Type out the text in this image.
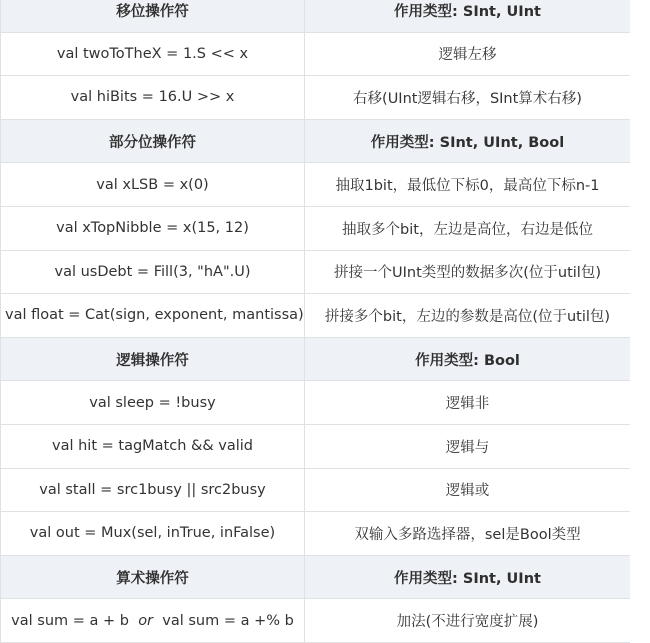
移位操作符	作用类型: SInt, UInt
val twoToTheX = 1.S << x	逻辑左移
val hiBits = 16.U >> x	右移(UInt逻辑右移，SInt算术右移)
部分位操作符	作用类型: SInt, UInt, Bool
val xLSB = x(0)	抽取1bit，最低位下标0，最高位下标n-1
val xTopNibble = x(15, 12)	抽取多个bit，左边是高位，右边是低位
val usDebt = Fill(3, "hA".U)	拼接一个UInt类型的数据多次(位于util包)
val float = Cat(sign, exponent, mantissa)	拼接多个bit，左边的参数是高位(位于util包)
逻辑操作符	作用类型: Bool
val sleep = !busy	逻辑非
val hit = tagMatch && valid	逻辑与
val stall = src1busy || src2busy	逻辑或
val out = Mux(sel, inTrue, inFalse)	双输入多路选择器，sel是Bool类型
算术操作符	作用类型: SInt, UInt
val sum = a + b or val sum = a +% b	加法(不进行宽度扩展)
